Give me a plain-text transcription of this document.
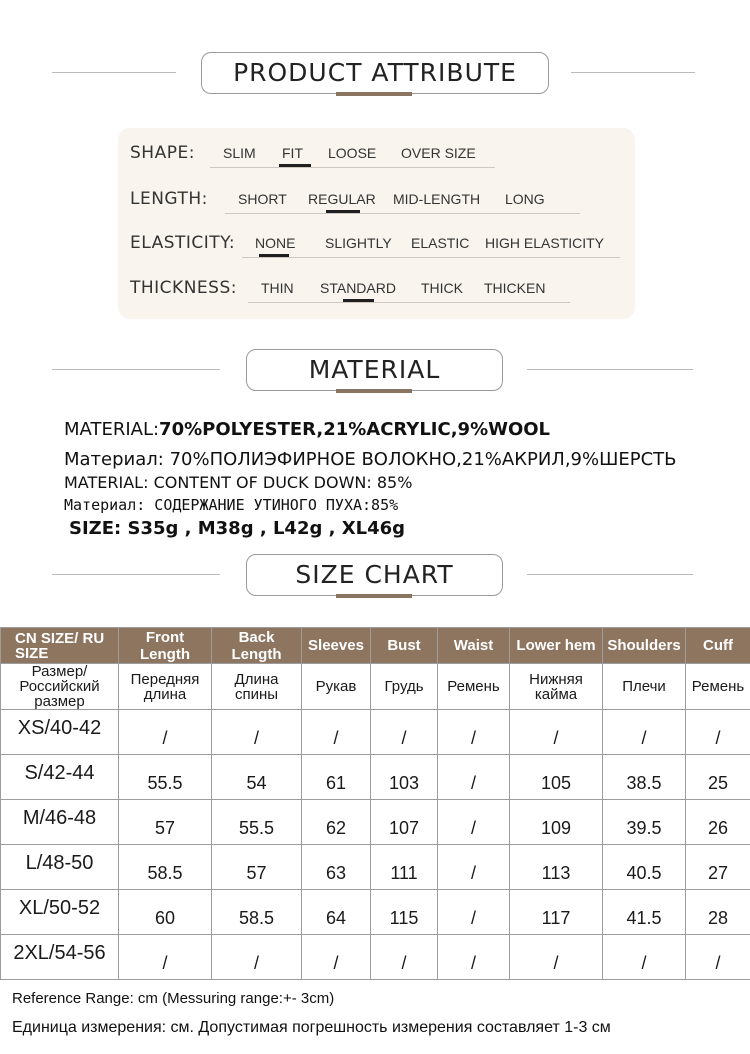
PRODUCT ATTRIBUTE
SHAPE: SLIM FIT LOOSE OVER SIZE
LENGTH: SHORT REGULAR MID-LENGTH LONG
ELASTICITY: NONE SLIGHTLY ELASTIC HIGH ELASTICITY
THICKNESS: THIN STANDARD THICK THICKEN
MATERIAL
MATERIAL:70%POLYESTER,21%ACRYLIC,9%WOOL
Материал: 70%ПОЛИЭФИРНОЕ ВОЛОКНО,21%АКРИЛ,9%ШЕРСТЬ
MATERIAL: CONTENT OF DUCK DOWN: 85%
Материал: СОДЕРЖАНИЕ УТИНОГО ПУХА:85%
SIZE: S35g , M38g , L42g , XL46g
SIZE CHART
CN SIZE/ RU SIZE	Front Length	Back Length	Sleeves	Bust	Waist	Lower hem	Shoulders	Cuff
Размер/ Российский размер	Передняя длина	Длина спины	Рукав	Грудь	Ремень	Нижняя кайма	Плечи	Ремень
XS/40-42	/	/	/	/	/	/	/	/
S/42-44	55.5	54	61	103	/	105	38.5	25
M/46-48	57	55.5	62	107	/	109	39.5	26
L/48-50	58.5	57	63	111	/	113	40.5	27
XL/50-52	60	58.5	64	115	/	117	41.5	28
2XL/54-56	/	/	/	/	/	/	/	/
Reference Range: cm (Messuring range:+- 3cm)
Единица измерения: см. Допустимая погрешность измерения составляет 1-3 см
